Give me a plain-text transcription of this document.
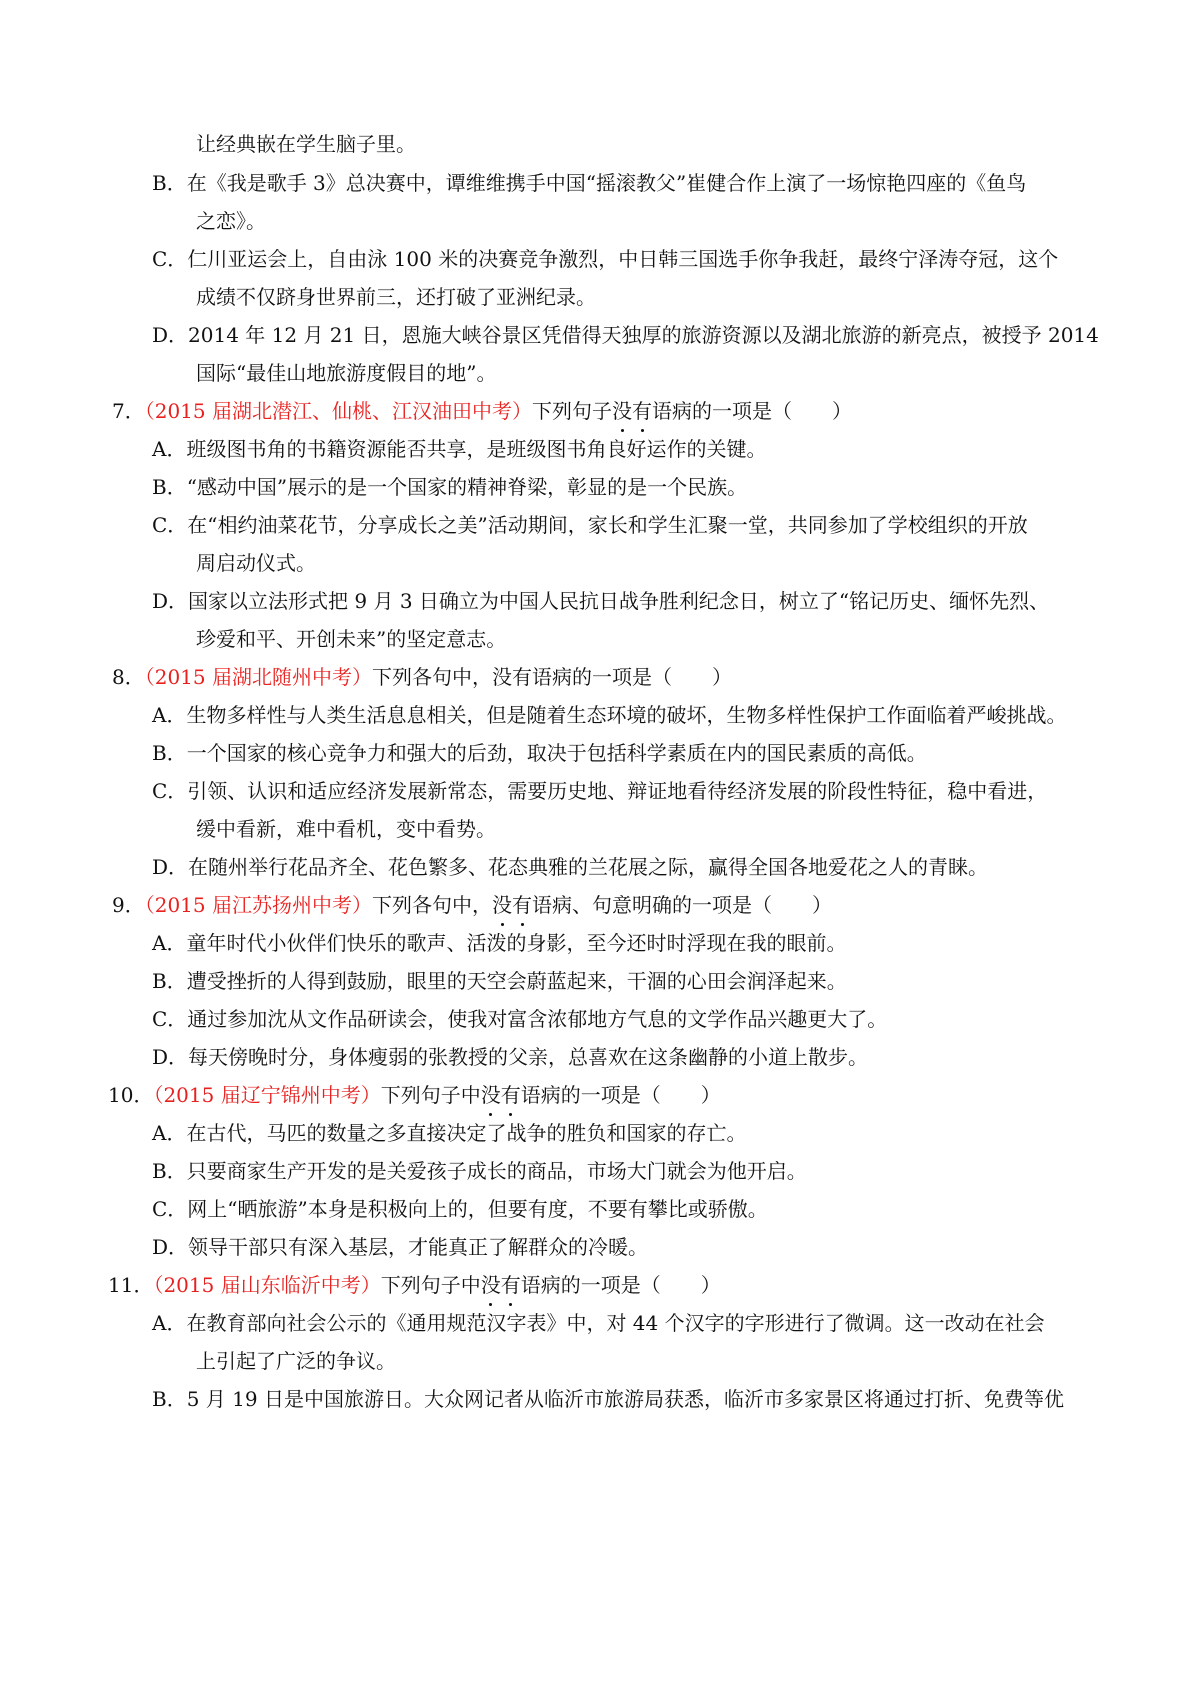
让经典嵌在学生脑子里。
B．在《我是歌手 3》总决赛中，谭维维携手中国“摇滚教父”崔健合作上演了一场惊艳四座的《鱼鸟
之恋》。
C．仁川亚运会上，自由泳 100 米的决赛竞争激烈，中日韩三国选手你争我赶，最终宁泽涛夺冠，这个
成绩不仅跻身世界前三，还打破了亚洲纪录。
D．2014 年 12 月 21 日，恩施大峡谷景区凭借得天独厚的旅游资源以及湖北旅游的新亮点，被授予 2014
国际“最佳山地旅游度假目的地”。
7．（2015 届湖北潜江、仙桃、江汉油田中考）下列句子没有语病的一项是（　　）
A．班级图书角的书籍资源能否共享，是班级图书角良好运作的关键。
B．“感动中国”展示的是一个国家的精神脊梁，彰显的是一个民族。
C．在“相约油菜花节，分享成长之美”活动期间，家长和学生汇聚一堂，共同参加了学校组织的开放
周启动仪式。
D．国家以立法形式把 9 月 3 日确立为中国人民抗日战争胜利纪念日，树立了“铭记历史、缅怀先烈、
珍爱和平、开创未来”的坚定意志。
8．（2015 届湖北随州中考）下列各句中，没有语病的一项是（　　）
A．生物多样性与人类生活息息相关，但是随着生态环境的破坏，生物多样性保护工作面临着严峻挑战。
B．一个国家的核心竞争力和强大的后劲，取决于包括科学素质在内的国民素质的高低。
C．引领、认识和适应经济发展新常态，需要历史地、辩证地看待经济发展的阶段性特征，稳中看进，
缓中看新，难中看机，变中看势。
D．在随州举行花品齐全、花色繁多、花态典雅的兰花展之际，赢得全国各地爱花之人的青睐。
9．（2015 届江苏扬州中考）下列各句中，没有语病、句意明确的一项是（　　）
A．童年时代小伙伴们快乐的歌声、活泼的身影，至今还时时浮现在我的眼前。
B．遭受挫折的人得到鼓励，眼里的天空会蔚蓝起来，干涸的心田会润泽起来。
C．通过参加沈从文作品研读会，使我对富含浓郁地方气息的文学作品兴趣更大了。
D．每天傍晚时分，身体瘦弱的张教授的父亲，总喜欢在这条幽静的小道上散步。
10．（2015 届辽宁锦州中考）下列句子中没有语病的一项是（　　）
A．在古代，马匹的数量之多直接决定了战争的胜负和国家的存亡。
B．只要商家生产开发的是关爱孩子成长的商品，市场大门就会为他开启。
C．网上“晒旅游”本身是积极向上的，但要有度，不要有攀比或骄傲。
D．领导干部只有深入基层，才能真正了解群众的冷暖。
11．（2015 届山东临沂中考）下列句子中没有语病的一项是（　　）
A．在教育部向社会公示的《通用规范汉字表》中，对 44 个汉字的字形进行了微调。这一改动在社会
上引起了广泛的争议。
B．5 月 19 日是中国旅游日。大众网记者从临沂市旅游局获悉，临沂市多家景区将通过打折、免费等优
